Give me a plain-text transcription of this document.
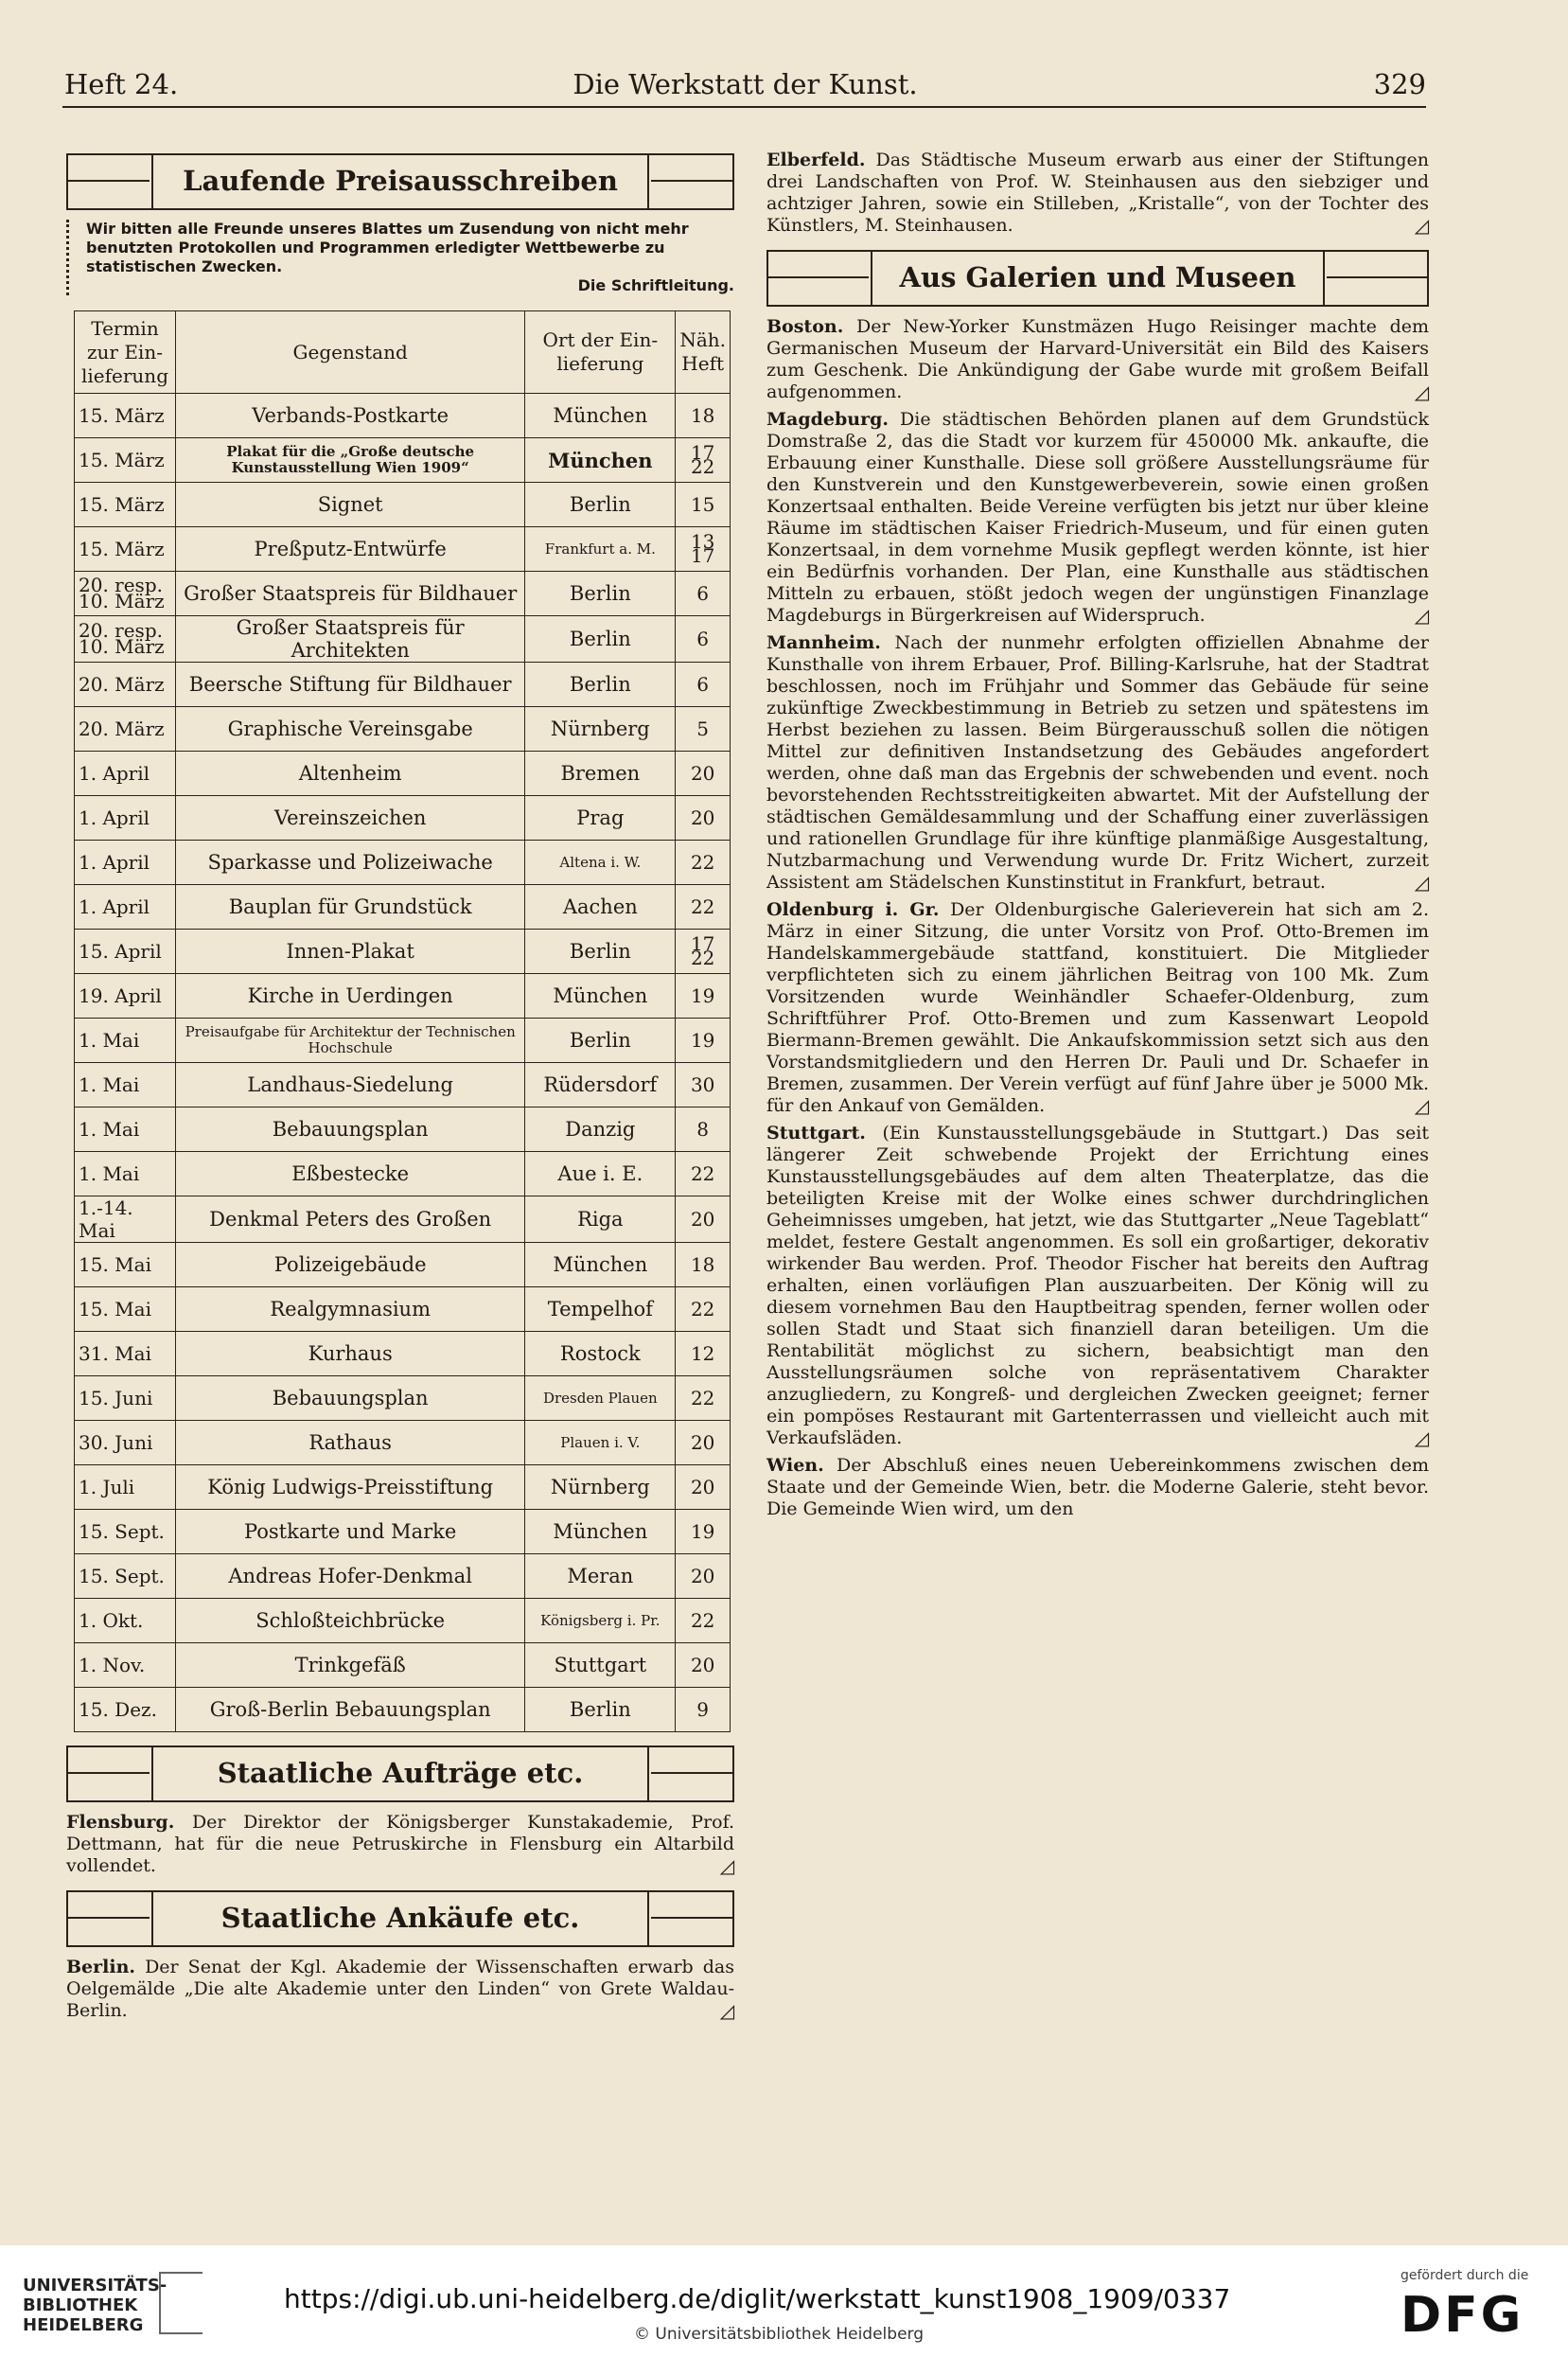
Heft 24.	Die Werkstatt der Kunst.	329
Laufende Preisausschreiben
Wir bitten alle Freunde unseres Blattes um Zusendung von nicht mehr benutzten Protokollen und Programmen erledigter Wettbewerbe zu statistischen Zwecken.
Die Schriftleitung.
Termin zur Ein-lieferung	Gegenstand	Ort der Ein-lieferung	Näh. Heft
15. März	Verbands-Postkarte	München	18
15. März	Plakat für die „Große deutsche Kunstausstellung Wien 1909“	München	17 22
15. März	Signet	Berlin	15
15. März	Preßputz-Entwürfe	Frankfurt a. M.	13 17
20. resp. 10. März	Großer Staatspreis für Bildhauer	Berlin	6
20. resp. 10. März	Großer Staatspreis für Architekten	Berlin	6
20. März	Beersche Stiftung für Bildhauer	Berlin	6
20. März	Graphische Vereinsgabe	Nürnberg	5
1. April	Altenheim	Bremen	20
1. April	Vereinszeichen	Prag	20
1. April	Sparkasse und Polizeiwache	Altena i. W.	22
1. April	Bauplan für Grundstück	Aachen	22
15. April	Innen-Plakat	Berlin	17 22
19. April	Kirche in Uerdingen	München	19
1. Mai	Preisaufgabe für Architektur der Technischen Hochschule	Berlin	19
1. Mai	Landhaus-Siedelung	Rüdersdorf	30
1. Mai	Bebauungsplan	Danzig	8
1. Mai	Eßbestecke	Aue i. E.	22
1.-14. Mai	Denkmal Peters des Großen	Riga	20
15. Mai	Polizeigebäude	München	18
15. Mai	Realgymnasium	Tempelhof	22
31. Mai	Kurhaus	Rostock	12
15. Juni	Bebauungsplan	Dresden Plauen	22
30. Juni	Rathaus	Plauen i. V.	20
1. Juli	König Ludwigs-Preisstiftung	Nürnberg	20
15. Sept.	Postkarte und Marke	München	19
15. Sept.	Andreas Hofer-Denkmal	Meran	20
1. Okt.	Schloßteichbrücke	Königsberg i. Pr.	22
1. Nov.	Trinkgefäß	Stuttgart	20
15. Dez.	Groß-Berlin Bebauungsplan	Berlin	9
Staatliche Aufträge etc.

Flensburg. Der Direktor der Königsberger Kunstakademie, Prof. Dettmann, hat für die neue Petruskirche in Flensburg ein Altarbild vollendet.	◿

Staatliche Ankäufe etc.

Berlin. Der Senat der Kgl. Akademie der Wissenschaften erwarb das Oelgemälde „Die alte Akademie unter den Linden“ von Grete Waldau-Berlin.	◿

Elberfeld. Das Städtische Museum erwarb aus einer der Stiftungen drei Landschaften von Prof. W. Steinhausen aus den siebziger und achtziger Jahren, sowie ein Stilleben, „Kristalle“, von der Tochter des Künstlers, M. Steinhausen.	◿

Aus Galerien und Museen

Boston. Der New-Yorker Kunstmäzen Hugo Reisinger machte dem Germanischen Museum der Harvard-Universität ein Bild des Kaisers zum Geschenk. Die Ankündigung der Gabe wurde mit großem Beifall aufgenommen.	◿

Magdeburg. Die städtischen Behörden planen auf dem Grundstück Domstraße 2, das die Stadt vor kurzem für 450000 Mk. ankaufte, die Erbauung einer Kunsthalle. Diese soll größere Ausstellungsräume für den Kunstverein und den Kunstgewerbeverein, sowie einen großen Konzertsaal enthalten. Beide Vereine verfügten bis jetzt nur über kleine Räume im städtischen Kaiser Friedrich-Museum, und für einen guten Konzertsaal, in dem vornehme Musik gepflegt werden könnte, ist hier ein Bedürfnis vorhanden. Der Plan, eine Kunsthalle aus städtischen Mitteln zu erbauen, stößt jedoch wegen der ungünstigen Finanzlage Magdeburgs in Bürgerkreisen auf Widerspruch.	◿

Mannheim. Nach der nunmehr erfolgten offiziellen Abnahme der Kunsthalle von ihrem Erbauer, Prof. Billing-Karlsruhe, hat der Stadtrat beschlossen, noch im Frühjahr und Sommer das Gebäude für seine zukünftige Zweckbestimmung in Betrieb zu setzen und spätestens im Herbst beziehen zu lassen. Beim Bürgerausschuß sollen die nötigen Mittel zur definitiven Instandsetzung des Gebäudes angefordert werden, ohne daß man das Ergebnis der schwebenden und event. noch bevorstehenden Rechtsstreitigkeiten abwartet. Mit der Aufstellung der städtischen Gemäldesammlung und der Schaffung einer zuverlässigen und rationellen Grundlage für ihre künftige planmäßige Ausgestaltung, Nutzbarmachung und Verwendung wurde Dr. Fritz Wichert, zurzeit Assistent am Städelschen Kunstinstitut in Frankfurt, betraut.	◿

Oldenburg i. Gr. Der Oldenburgische Galerieverein hat sich am 2. März in einer Sitzung, die unter Vorsitz von Prof. Otto-Bremen im Handelskammergebäude stattfand, konstituiert. Die Mitglieder verpflichteten sich zu einem jährlichen Beitrag von 100 Mk. Zum Vorsitzenden wurde Weinhändler Schaefer-Oldenburg, zum Schriftführer Prof. Otto-Bremen und zum Kassenwart Leopold Biermann-Bremen gewählt. Die Ankaufskommission setzt sich aus den Vorstandsmitgliedern und den Herren Dr. Pauli und Dr. Schaefer in Bremen, zusammen. Der Verein verfügt auf fünf Jahre über je 5000 Mk. für den Ankauf von Gemälden.	◿

Stuttgart. (Ein Kunstausstellungsgebäude in Stuttgart.) Das seit längerer Zeit schwebende Projekt der Errichtung eines Kunstausstellungsgebäudes auf dem alten Theaterplatze, das die beteiligten Kreise mit der Wolke eines schwer durchdringlichen Geheimnisses umgeben, hat jetzt, wie das Stuttgarter „Neue Tageblatt“ meldet, festere Gestalt angenommen. Es soll ein großartiger, dekorativ wirkender Bau werden. Prof. Theodor Fischer hat bereits den Auftrag erhalten, einen vorläufigen Plan auszuarbeiten. Der König will zu diesem vornehmen Bau den Hauptbeitrag spenden, ferner wollen oder sollen Stadt und Staat sich finanziell daran beteiligen. Um die Rentabilität möglichst zu sichern, beabsichtigt man den Ausstellungsräumen solche von repräsentativem Charakter anzugliedern, zu Kongreß- und dergleichen Zwecken geeignet; ferner ein pompöses Restaurant mit Gartenterrassen und vielleicht auch mit Verkaufsläden.	◿

Wien. Der Abschluß eines neuen Uebereinkommens zwischen dem Staate und der Gemeinde Wien, betr. die Moderne Galerie, steht bevor. Die Gemeinde Wien wird, um den

UNIVERSITÄTS-
BIBLIOTHEK
HEIDELBERG
https://digi.ub.uni-heidelberg.de/diglit/werkstatt_kunst1908_1909/0337
© Universitätsbibliothek Heidelberg
gefördert durch die
DFG
